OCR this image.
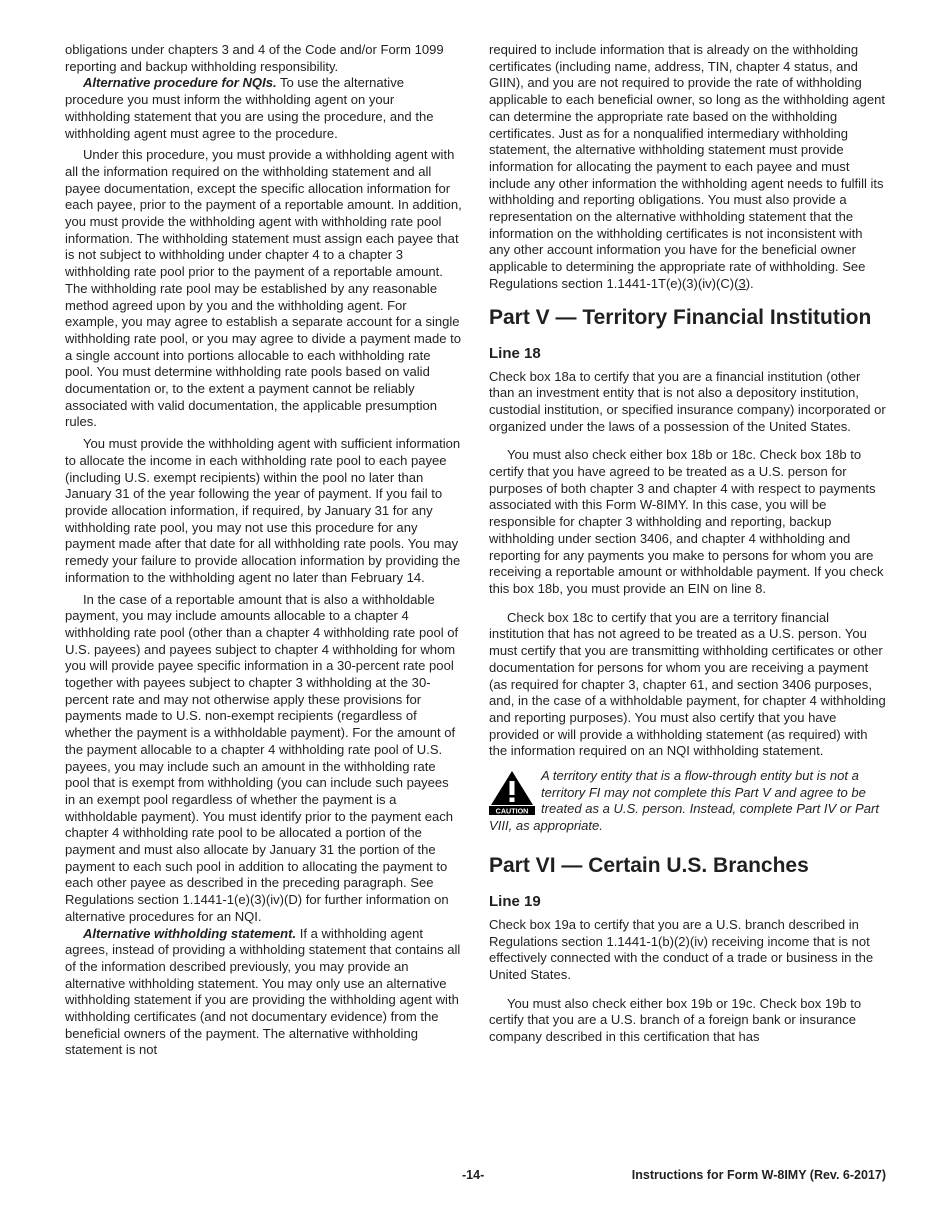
obligations under chapters 3 and 4 of the Code and/or Form 1099 reporting and backup withholding responsibility.

Alternative procedure for NQIs. To use the alternative procedure you must inform the withholding agent on your withholding statement that you are using the procedure, and the withholding agent must agree to the procedure.

Under this procedure, you must provide a withholding agent with all the information required on the withholding statement and all payee documentation, except the specific allocation information for each payee, prior to the payment of a reportable amount. In addition, you must provide the withholding agent with withholding rate pool information. The withholding statement must assign each payee that is not subject to withholding under chapter 4 to a chapter 3 withholding rate pool prior to the payment of a reportable amount. The withholding rate pool may be established by any reasonable method agreed upon by you and the withholding agent. For example, you may agree to establish a separate account for a single withholding rate pool, or you may agree to divide a payment made to a single account into portions allocable to each withholding rate pool. You must determine withholding rate pools based on valid documentation or, to the extent a payment cannot be reliably associated with valid documentation, the applicable presumption rules.

You must provide the withholding agent with sufficient information to allocate the income in each withholding rate pool to each payee (including U.S. exempt recipients) within the pool no later than January 31 of the year following the year of payment. If you fail to provide allocation information, if required, by January 31 for any withholding rate pool, you may not use this procedure for any payment made after that date for all withholding rate pools. You may remedy your failure to provide allocation information by providing the information to the withholding agent no later than February 14.

In the case of a reportable amount that is also a withholdable payment, you may include amounts allocable to a chapter 4 withholding rate pool (other than a chapter 4 withholding rate pool of U.S. payees) and payees subject to chapter 4 withholding for whom you will provide payee specific information in a 30-percent rate pool together with payees subject to chapter 3 withholding at the 30-percent rate and may not otherwise apply these provisions for payments made to U.S. non-exempt recipients (regardless of whether the payment is a withholdable payment). For the amount of the payment allocable to a chapter 4 withholding rate pool of U.S. payees, you may include such an amount in the withholding rate pool that is exempt from withholding (you can include such payees in an exempt pool regardless of whether the payment is a withholdable payment). You must identify prior to the payment each chapter 4 withholding rate pool to be allocated a portion of the payment and must also allocate by January 31 the portion of the payment to each such pool in addition to allocating the payment to each other payee as described in the preceding paragraph. See Regulations section 1.1441-1(e)(3)(iv)(D) for further information on alternative procedures for an NQI.

Alternative withholding statement. If a withholding agent agrees, instead of providing a withholding statement that contains all of the information described previously, you may provide an alternative withholding statement. You may only use an alternative withholding statement if you are providing the withholding agent with withholding certificates (and not documentary evidence) from the beneficial owners of the payment. The alternative withholding statement is not

required to include information that is already on the withholding certificates (including name, address, TIN, chapter 4 status, and GIIN), and you are not required to provide the rate of withholding applicable to each beneficial owner, so long as the withholding agent can determine the appropriate rate based on the withholding certificates. Just as for a nonqualified intermediary withholding statement, the alternative withholding statement must provide information for allocating the payment to each payee and must include any other information the withholding agent needs to fulfill its withholding and reporting obligations. You must also provide a representation on the alternative withholding statement that the information on the withholding certificates is not inconsistent with any other account information you have for the beneficial owner applicable to determining the appropriate rate of withholding. See Regulations section 1.1441-1T(e)(3)(iv)(C)(3).

Part V — Territory Financial Institution
Line 18

Check box 18a to certify that you are a financial institution (other than an investment entity that is not also a depository institution, custodial institution, or specified insurance company) incorporated or organized under the laws of a possession of the United States.

You must also check either box 18b or 18c. Check box 18b to certify that you have agreed to be treated as a U.S. person for purposes of both chapter 3 and chapter 4 with respect to payments associated with this Form W-8IMY. In this case, you will be responsible for chapter 3 withholding and reporting, backup withholding under section 3406, and chapter 4 withholding and reporting for any payments you make to persons for whom you are receiving a reportable amount or withholdable payment. If you check this box 18b, you must provide an EIN on line 8.

Check box 18c to certify that you are a territory financial institution that has not agreed to be treated as a U.S. person. You must certify that you are transmitting withholding certificates or other documentation for persons for whom you are receiving a payment (as required for chapter 3, chapter 61, and section 3406 purposes, and, in the case of a withholdable payment, for chapter 4 withholding and reporting purposes). You must also certify that you have provided or will provide a withholding statement (as required) with the information required on an NQI withholding statement.

CAUTION

A territory entity that is a flow-through entity but is not a territory FI may not complete this Part V and agree to be treated as a U.S. person. Instead, complete Part IV or Part VIII, as appropriate.

Part VI — Certain U.S. Branches
Line 19

Check box 19a to certify that you are a U.S. branch described in Regulations section 1.1441-1(b)(2)(iv) receiving income that is not effectively connected with the conduct of a trade or business in the United States.

You must also check either box 19b or 19c. Check box 19b to certify that you are a U.S. branch of a foreign bank or insurance company described in this certification that has

-14-	Instructions for Form W-8IMY (Rev. 6-2017)
